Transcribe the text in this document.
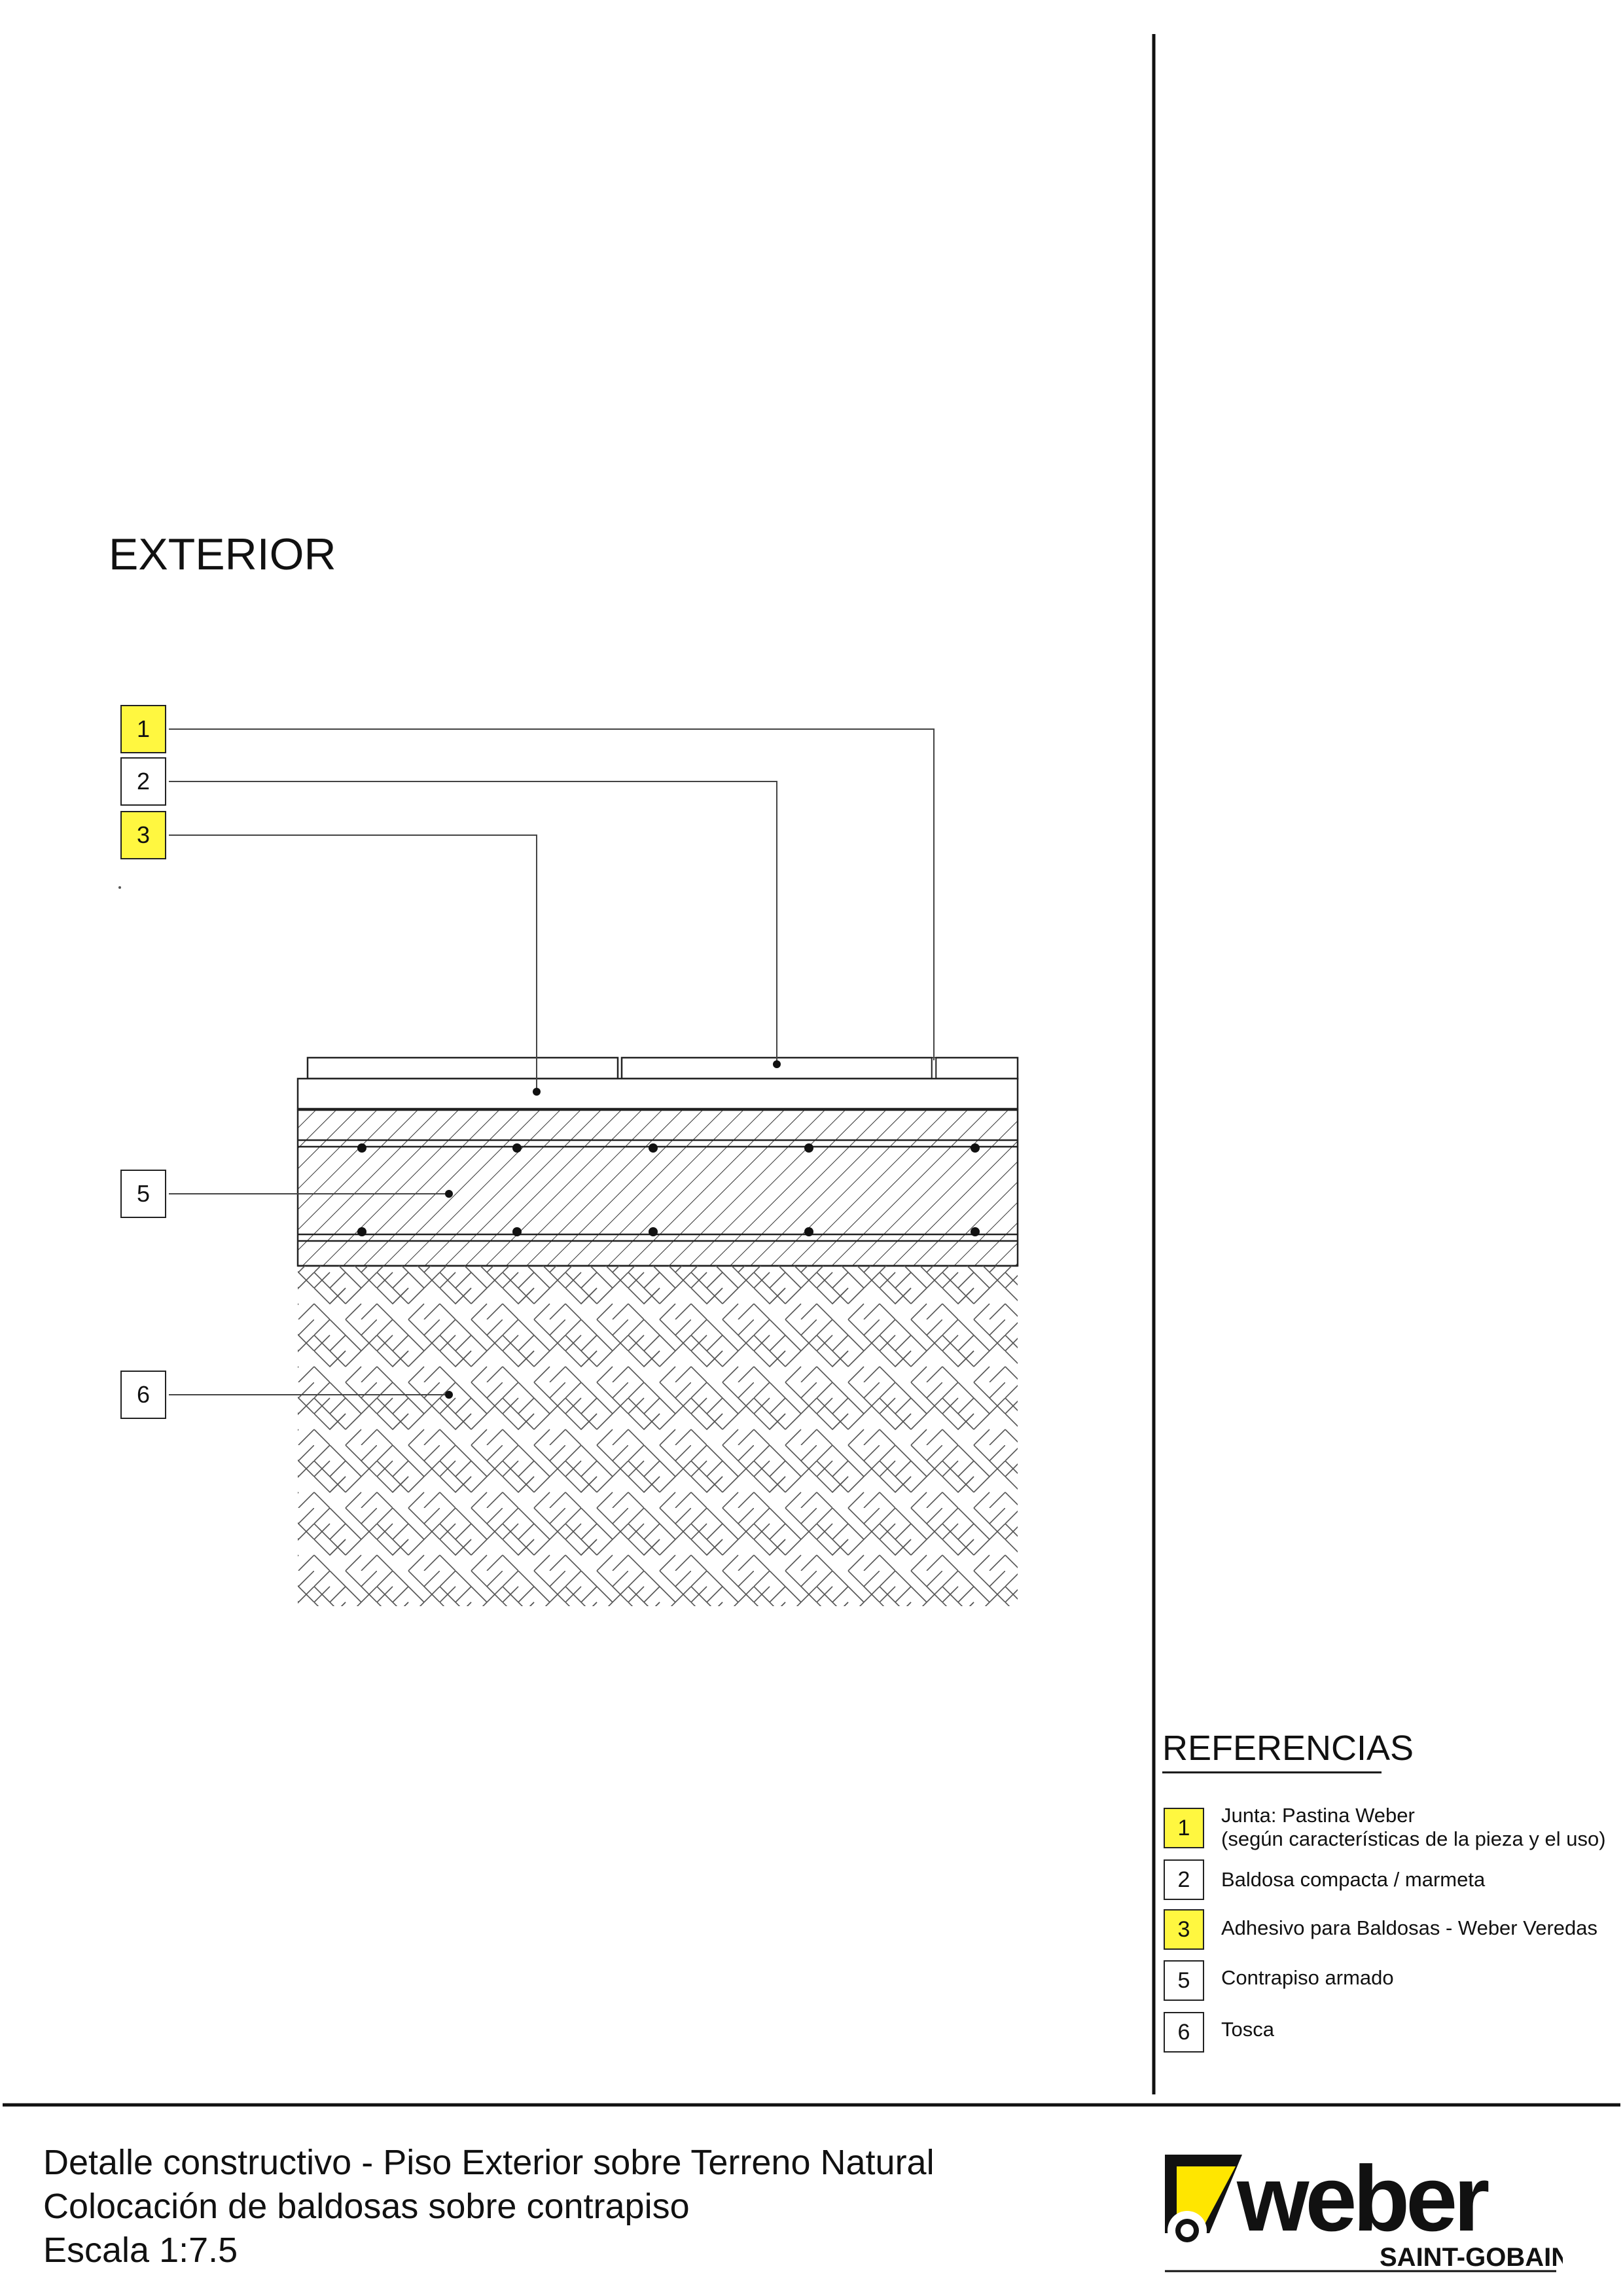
EXTERIOR
1
2
3
5
6
REFERENCIAS
1	Junta: Pastina Weber
(según características de la pieza y el uso)
2	Baldosa compacta / marmeta
3	Adhesivo para Baldosas - Weber Veredas
5	Contrapiso armado
6	Tosca
Detalle constructivo - Piso Exterior sobre Terreno Natural
Colocación de baldosas sobre contrapiso
Escala 1:7.5	weber
SAINT-GOBAIN
